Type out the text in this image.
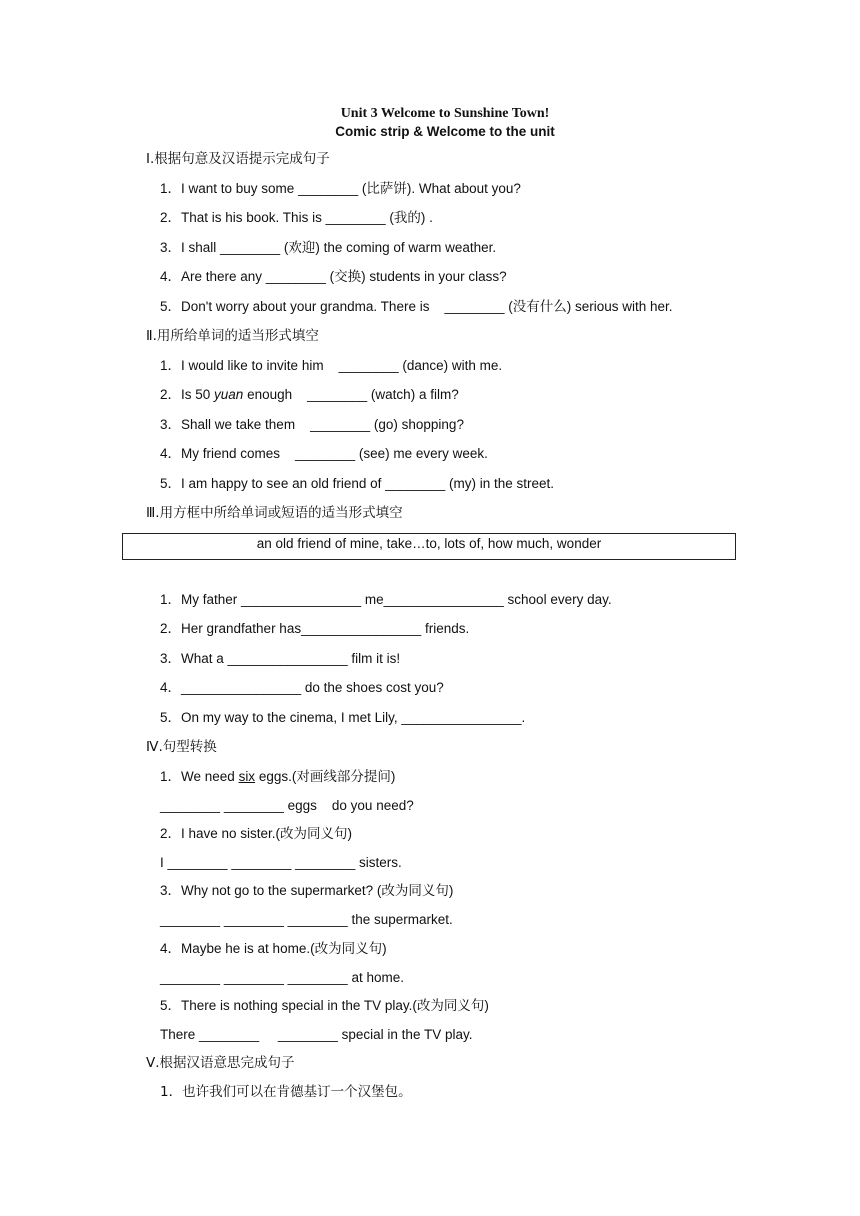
Unit 3 Welcome to Sunshine Town!
Comic strip & Welcome to the unit
Ⅰ.根据句意及汉语提示完成句子
1．I want to buy some ________ (比萨饼). What about you?
2．That is his book. This is ________ (我的) .
3．I shall ________ (欢迎) the coming of warm weather.
4．Are there any ________ (交换) students in your class?
5．Don't worry about your grandma. There is    ________ (没有什么) serious with her.
Ⅱ.用所给单词的适当形式填空
1．I would like to invite him    ________ (dance) with me.
2．Is 50 yuan enough    ________ (watch) a film?
3．Shall we take them    ________ (go) shopping?
4．My friend comes    ________ (see) me every week.
5．I am happy to see an old friend of ________ (my) in the street.
Ⅲ.用方框中所给单词或短语的适当形式填空
an old friend of mine, take…to, lots of, how much, wonder
1．My father ________________ me________________ school every day.
2．Her grandfather has________________ friends.
3．What a ________________ film it is!
4．________________ do the shoes cost you?
5．On my way to the cinema, I met Lily, ________________.
Ⅳ.句型转换
1．We need six eggs.(对画线部分提问)
________ ________ eggs    do you need?
2．I have no sister.(改为同义句)
I ________ ________ ________ sisters.
3．Why not go to the supermarket? (改为同义句)
________ ________ ________ the supermarket.
4．Maybe he is at home.(改为同义句)
________ ________ ________ at home.
5．There is nothing special in the TV play.(改为同义句)
There ________     ________ special in the TV play.
Ⅴ.根据汉语意思完成句子
1．也许我们可以在肯德基订一个汉堡包。
